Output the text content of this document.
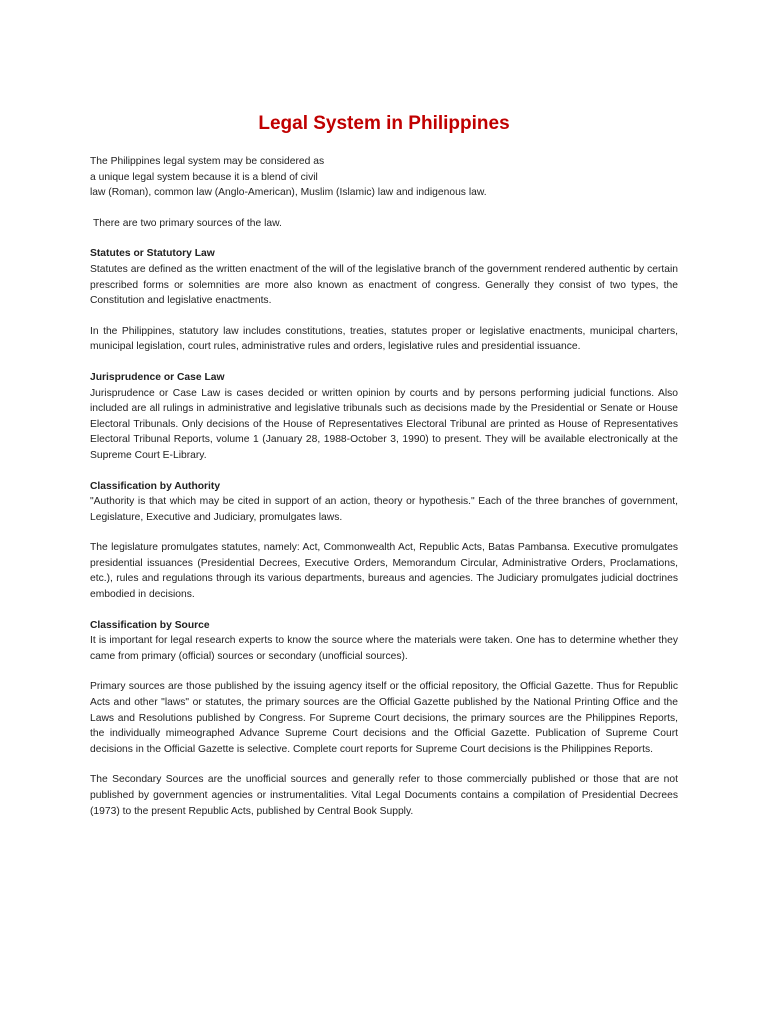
Legal System in Philippines

The Philippines legal system may be considered as
a unique legal system because it is a blend of civil
law (Roman), common law (Anglo-American), Muslim (Islamic) law and indigenous law.

There are two primary sources of the law.

Statutes or Statutory Law

Statutes are defined as the written enactment of the will of the legislative branch of the government rendered authentic by certain prescribed forms or solemnities are more also known as enactment of congress. Generally they consist of two types, the Constitution and legislative enactments.

In the Philippines, statutory law includes constitutions, treaties, statutes proper or legislative enactments, municipal charters, municipal legislation, court rules, administrative rules and orders, legislative rules and presidential issuance.

Jurisprudence or Case Law

Jurisprudence or Case Law is cases decided or written opinion by courts and by persons performing judicial functions. Also included are all rulings in administrative and legislative tribunals such as decisions made by the Presidential or Senate or House Electoral Tribunals. Only decisions of the House of Representatives Electoral Tribunal are printed as House of Representatives Electoral Tribunal Reports, volume 1 (January 28, 1988-October 3, 1990) to present. They will be available electronically at the Supreme Court E-Library.

Classification by Authority

"Authority is that which may be cited in support of an action, theory or hypothesis." Each of the three branches of government, Legislature, Executive and Judiciary, promulgates laws.

The legislature promulgates statutes, namely: Act, Commonwealth Act, Republic Acts, Batas Pambansa. Executive promulgates presidential issuances (Presidential Decrees, Executive Orders, Memorandum Circular, Administrative Orders, Proclamations, etc.), rules and regulations through its various departments, bureaus and agencies. The Judiciary promulgates judicial doctrines embodied in decisions.

Classification by Source

It is important for legal research experts to know the source where the materials were taken. One has to determine whether they came from primary (official) sources or secondary (unofficial sources).

Primary sources are those published by the issuing agency itself or the official repository, the Official Gazette. Thus for Republic Acts and other "laws" or statutes, the primary sources are the Official Gazette published by the National Printing Office and the Laws and Resolutions published by Congress. For Supreme Court decisions, the primary sources are the Philippines Reports, the individually mimeographed Advance Supreme Court decisions and the Official Gazette. Publication of Supreme Court decisions in the Official Gazette is selective. Complete court reports for Supreme Court decisions is the Philippines Reports.

The Secondary Sources are the unofficial sources and generally refer to those commercially published or those that are not published by government agencies or instrumentalities. Vital Legal Documents contains a compilation of Presidential Decrees (1973) to the present Republic Acts, published by Central Book Supply.
